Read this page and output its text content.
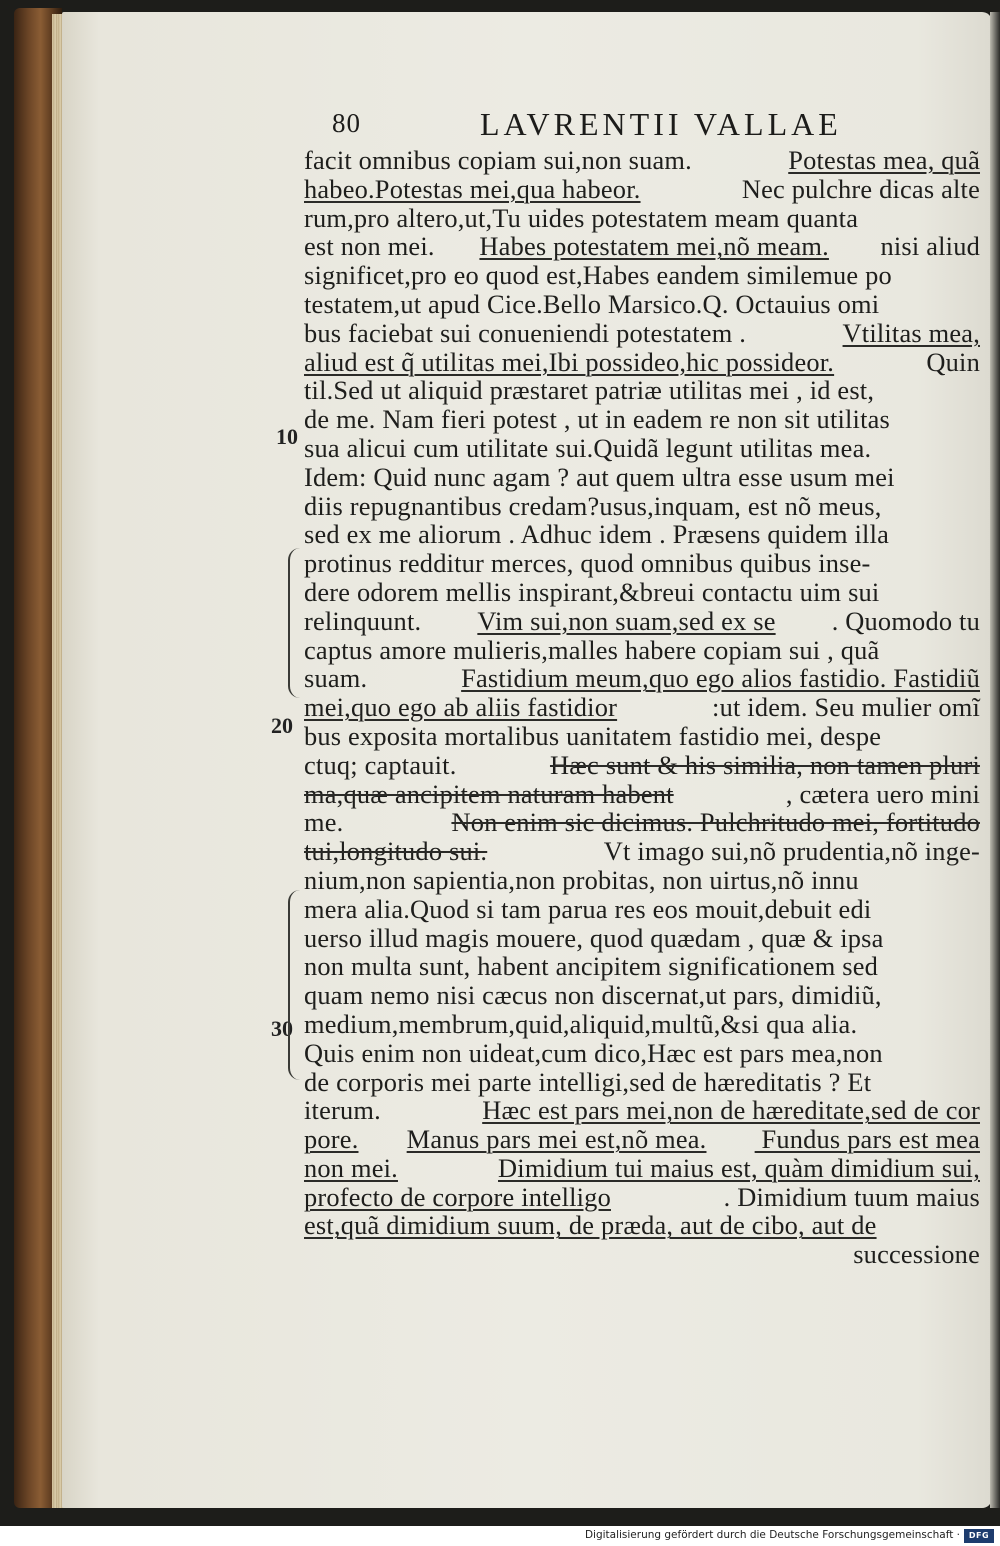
80	LAVRENTII VALLAE
10
20
30
facit omnibus copiam sui,non suam.	Potestas mea, quã
habeo.Potestas mei,qua habeor.	Nec pulchre dicas alte
rum,pro altero,ut,Tu uides potestatem meam quanta
est non mei. Habes potestatem mei,nõ meam. nisi aliud
significet,pro eo quod est,Habes eandem similemue po
testatem,ut apud Cice.Bello Marsico.Q. Octauius omi
bus faciebat sui conueniendi potestatem .	Vtilitas mea,
aliud est q̃ utilitas mei,Ibi possideo,hic possideor.	Quin
til.Sed ut aliquid præstaret patriæ utilitas mei , id est,
de me. Nam fieri potest , ut in eadem re non sit utilitas
sua alicui cum utilitate sui.Quidã legunt utilitas mea.
Idem: Quid nunc agam ? aut quem ultra esse usum mei
diis repugnantibus credam?usus,inquam, est nõ meus,
sed ex me aliorum . Adhuc idem . Præsens quidem illa
protinus redditur merces, quod omnibus quibus inse-
dere odorem mellis inspirant,&breui contactu uim sui
relinquunt. Vim sui,non suam,sed ex se . Quomodo tu
captus amore mulieris,malles habere copiam sui , quã
suam.	Fastidium meum,quo ego alios fastidio. Fastidiũ
mei,quo ego ab aliis fastidior	:ut idem. Seu mulier omĩ
bus exposita mortalibus uanitatem fastidio mei, despe
ctuq; captauit.	Hæc sunt & his similia, non tamen pluri
ma,quæ ancipitem naturam habent	, cætera uero mini
me.	Non enim sic dicimus. Pulchritudo mei, fortitudo
tui,longitudo sui.	Vt imago sui,nõ prudentia,nõ inge-
nium,non sapientia,non probitas, non uirtus,nõ innu
mera alia.Quod si tam parua res eos mouit,debuit edi
uerso illud magis mouere, quod quædam , quæ & ipsa
non multa sunt, habent ancipitem significationem sed
quam nemo nisi cæcus non discernat,ut pars, dimidiũ,
medium,membrum,quid,aliquid,multũ,&si qua alia.
Quis enim non uideat,cum dico,Hæc est pars mea,non
de corporis mei parte intelligi,sed de hæreditatis ? Et
iterum.	Hæc est pars mei,non de hæreditate,sed de cor
pore. Manus pars mei est,nõ mea. Fundus pars est mea
non mei.	Dimidium tui maius est, quàm dimidium sui,
profecto de corpore intelligo	. Dimidium tuum maius
est,quã dimidium suum, de præda, aut de cibo, aut de
successione
Digitalisierung gefördert durch die Deutsche Forschungsgemeinschaft ·	DFG
